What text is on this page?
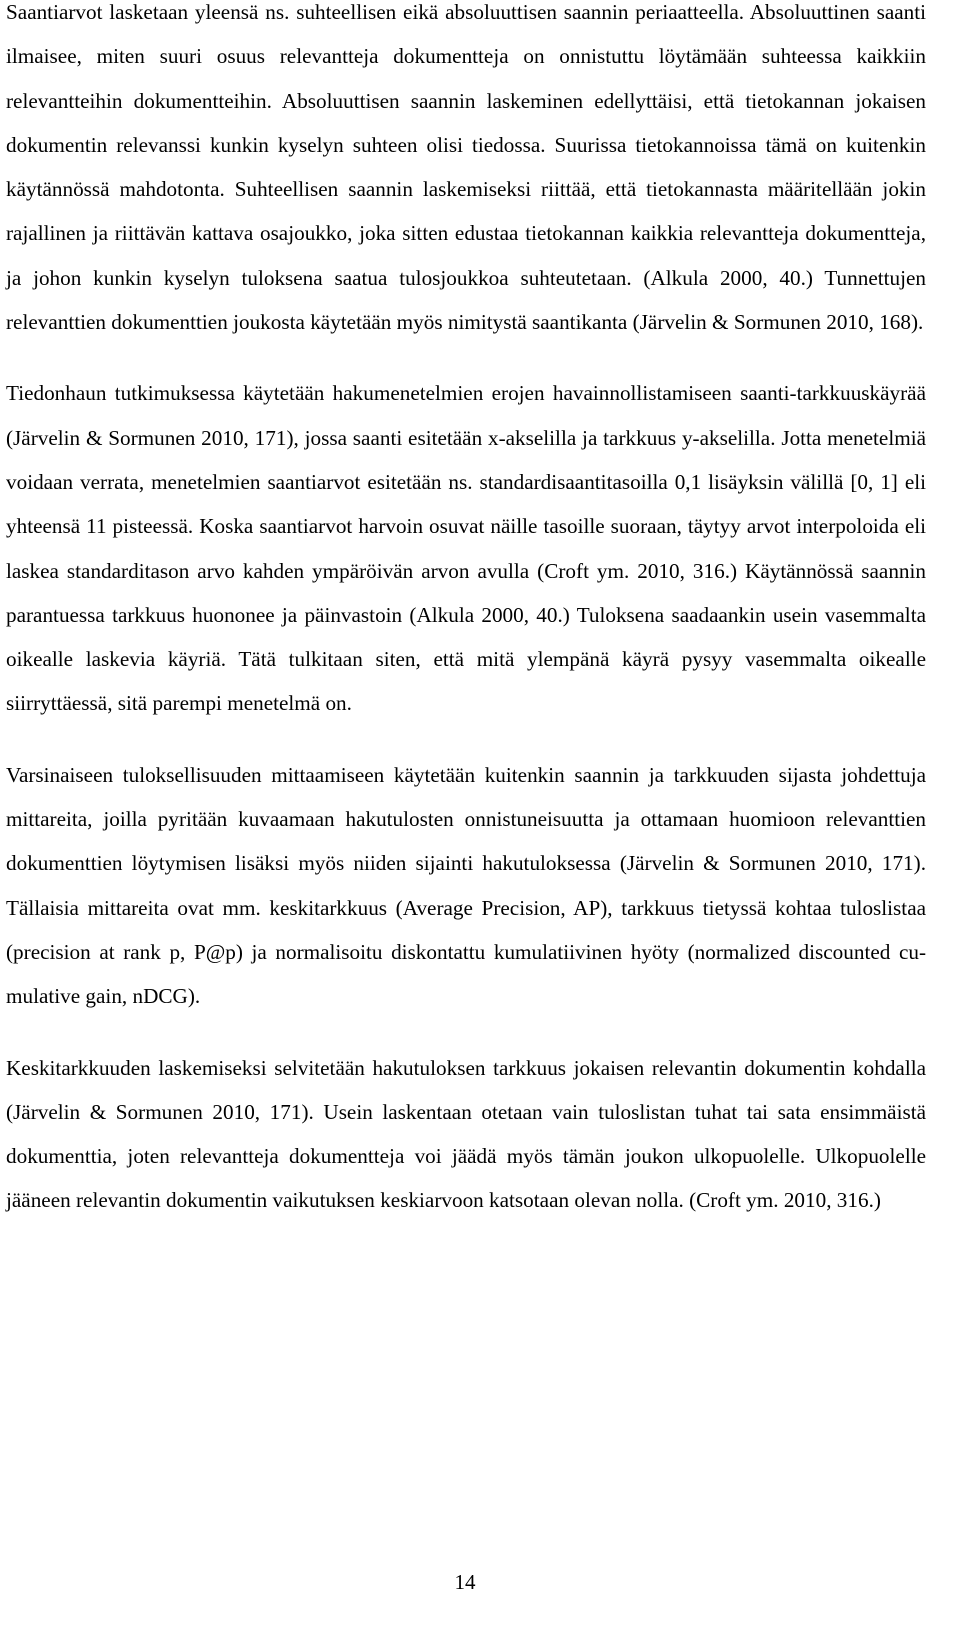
Saantiarvot lasketaan yleensä ns. suhteellisen eikä absoluuttisen saannin periaatteella. Absoluuttinen saanti ilmaisee, miten suuri osuus relevantteja dokumentteja on onnistuttu löytämään suhteessa kaikkiin relevantteihin dokumentteihin. Absoluuttisen saannin laskeminen edellyttäisi, että tietokannan jokaisen dokumentin relevanssi kunkin kyselyn suhteen olisi tiedossa. Suurissa tietokannoissa tämä on kuitenkin käytännössä mahdotonta. Suhteellisen saannin laskemiseksi riittää, että tietokannasta määritellään jokin rajallinen ja riittävän kattava osajoukko, joka sitten edustaa tietokannan kaikkia relevantteja dokumentteja, ja johon kunkin kyselyn tuloksena saatua tulosjoukkoa suhteutetaan. (Alkula 2000, 40.) Tunnettujen relevanttien dokumenttien joukosta käytetään myös nimitystä saantikanta (Järvelin & Sormunen 2010, 168).

Tiedonhaun tutkimuksessa käytetään hakumenetelmien erojen havainnollistamiseen saanti-tarkkuuskäyrää (Järvelin & Sormunen 2010, 171), jossa saanti esitetään x-akselilla ja tarkkuus y-akselilla. Jotta menetelmiä voidaan verrata, menetelmien saantiarvot esitetään ns. standardisaantitasoilla 0,1 lisäyksin välillä [0, 1] eli yhteensä 11 pisteessä. Koska saantiarvot harvoin osuvat näille tasoille suoraan, täytyy arvot interpoloida eli laskea standarditason arvo kahden ympäröivän arvon avulla (Croft ym. 2010, 316.) Käytännössä saannin parantuessa tarkkuus huononee ja päinvastoin (Alkula 2000, 40.) Tuloksena saadaankin usein vasemmalta oikealle laskevia käyriä. Tätä tulkitaan siten, että mitä ylempänä käyrä pysyy vasemmalta oikealle siirryttäessä, sitä parempi menetelmä on.

Varsinaiseen tuloksellisuuden mittaamiseen käytetään kuitenkin saannin ja tarkkuuden sijasta johdettuja mittareita, joilla pyritään kuvaamaan hakutulosten onnistuneisuutta ja ottamaan huomioon relevanttien dokumenttien löytymisen lisäksi myös niiden sijainti hakutuloksessa (Järvelin & Sormunen 2010, 171). Tällaisia mittareita ovat mm. keskitarkkuus (Average Precision, AP), tarkkuus tietyssä kohtaa tuloslistaa (precision at rank p, P@p) ja normalisoitu diskontattu kumulatiivinen hyöty (normalized discounted cumulative gain, nDCG).

Keskitarkkuuden laskemiseksi selvitetään hakutuloksen tarkkuus jokaisen relevantin dokumentin kohdalla (Järvelin & Sormunen 2010, 171). Usein laskentaan otetaan vain tuloslistan tuhat tai sata ensimmäistä dokumenttia, joten relevantteja dokumentteja voi jäädä myös tämän joukon ulkopuolelle. Ulkopuolelle jääneen relevantin dokumentin vaikutuksen keskiarvoon katsotaan olevan nolla. (Croft ym. 2010, 316.)

14
